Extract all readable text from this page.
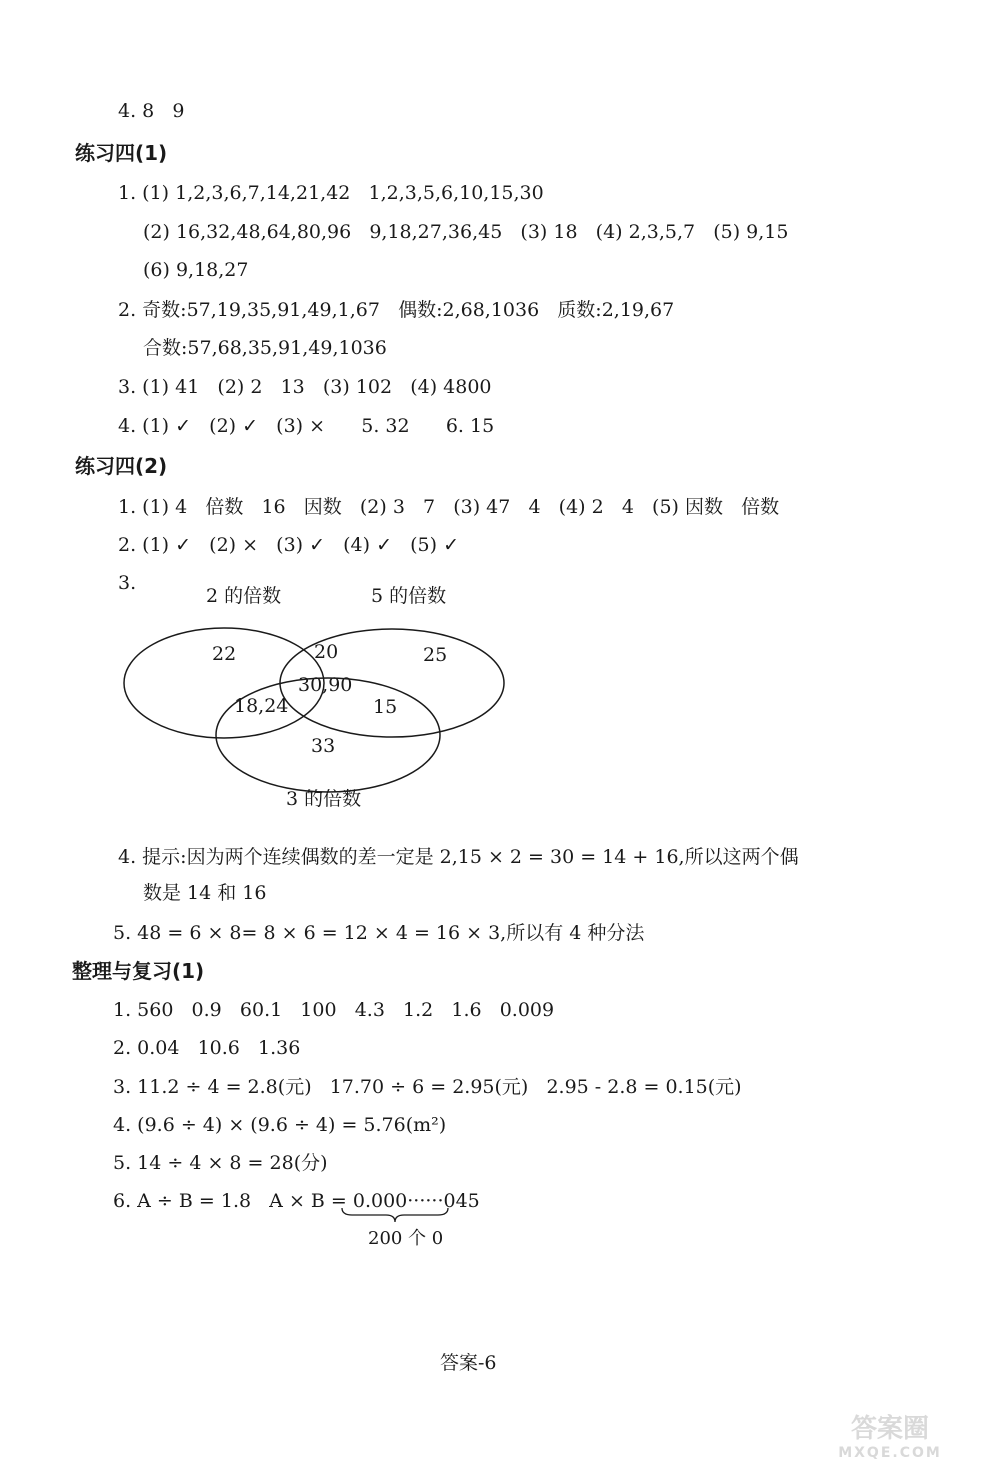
4. 8   9
练习四(1)
1. (1) 1,2,3,6,7,14,21,42   1,2,3,5,6,10,15,30
(2) 16,32,48,64,80,96   9,18,27,36,45   (3) 18   (4) 2,3,5,7   (5) 9,15
(6) 9,18,27
2. 奇数:57,19,35,91,49,1,67   偶数:2,68,1036   质数:2,19,67
合数:57,68,35,91,49,1036
3. (1) 41   (2) 2   13   (3) 102   (4) 4800
4. (1) ✓   (2) ✓   (3) ×      5. 32      6. 15
练习四(2)
1. (1) 4   倍数   16   因数   (2) 3   7   (3) 47   4   (4) 2   4   (5) 因数   倍数
2. (1) ✓   (2) ×   (3) ✓   (4) ✓   (5) ✓
3.
2 的倍数	5 的倍数
3 的倍数
22	20	25
30,90
18,24	15
33
4. 提示:因为两个连续偶数的差一定是 2,15 × 2 = 30 = 14 + 16,所以这两个偶
数是 14 和 16
5. 48 = 6 × 8= 8 × 6 = 12 × 4 = 16 × 3,所以有 4 种分法
整理与复习(1)
1. 560   0.9   60.1   100   4.3   1.2   1.6   0.009
2. 0.04   10.6   1.36
3. 11.2 ÷ 4 = 2.8(元)   17.70 ÷ 6 = 2.95(元)   2.95 - 2.8 = 0.15(元)
4. (9.6 ÷ 4) × (9.6 ÷ 4) = 5.76(m²)
5. 14 ÷ 4 × 8 = 28(分)
6. A ÷ B = 1.8   A × B = 0.000······045
200 个 0
答案-6
答案圈
MXQE.COM
